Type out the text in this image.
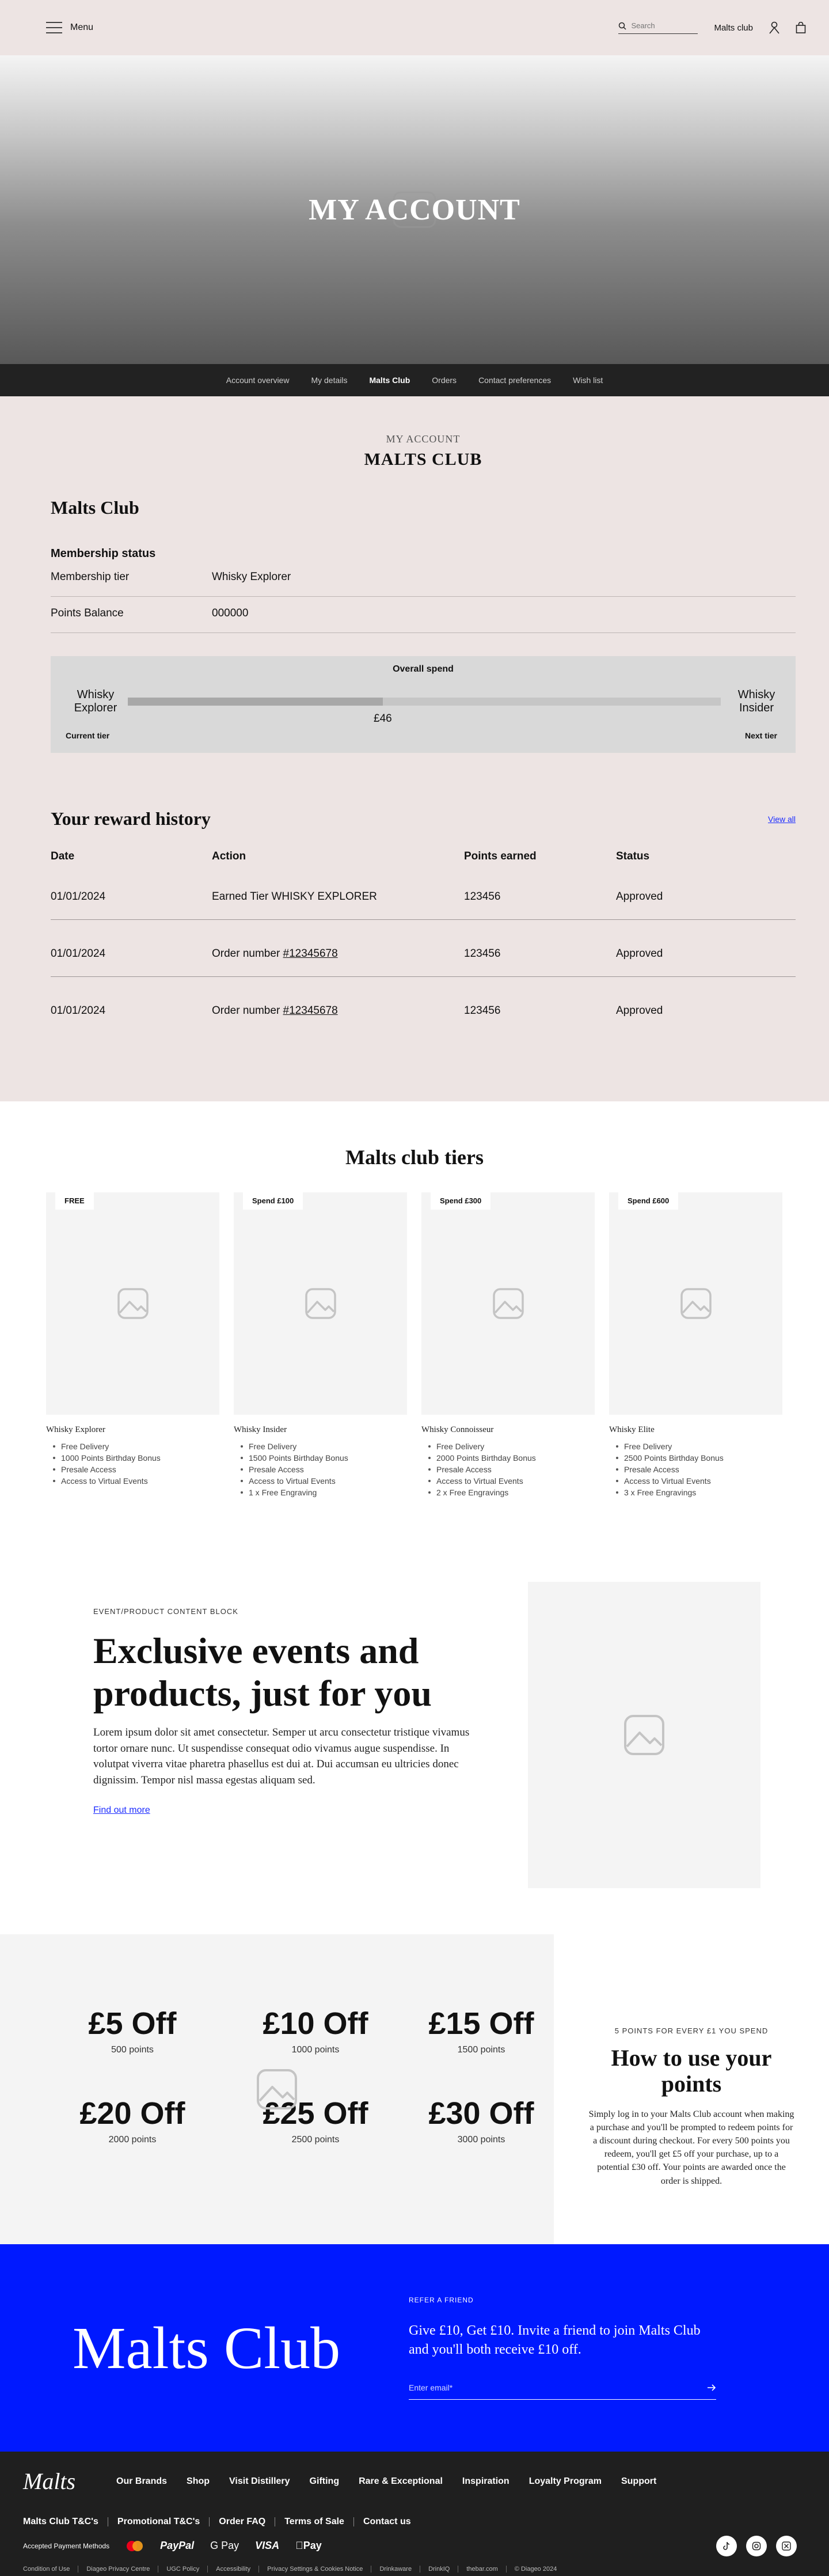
Menu
Search	Malts club
MY ACCOUNT
Account overview	My details	Malts Club	Orders	Contact preferences	Wish list
MY ACCOUNT
MALTS CLUB
Malts Club
Membership status
Membership tier	Whisky Explorer
Points Balance	000000
Overall spend
Whisky Explorer
Whisky Insider
£46
Current tier	Next tier
Your reward history	View all
Date	Action	Points earned	Status
01/01/2024	Earned Tier WHISKY EXPLORER	123456	Approved
01/01/2024	Order number #12345678	123456	Approved
01/01/2024	Order number #12345678	123456	Approved
Malts club tiers
FREE
Whisky Explorer
Free Delivery
1000 Points Birthday Bonus
Presale Access
Access to Virtual Events
Spend £100
Whisky Insider
Free Delivery
1500 Points Birthday Bonus
Presale Access
Access to Virtual Events
1 x Free Engraving
Spend £300
Whisky Connoisseur
Free Delivery
2000 Points Birthday Bonus
Presale Access
Access to Virtual Events
2 x Free Engravings
Spend £600
Whisky Elite
Free Delivery
2500 Points Birthday Bonus
Presale Access
Access to Virtual Events
3 x Free Engravings
EVENT/PRODUCT CONTENT BLOCK
Exclusive events and products, just for you

Lorem ipsum dolor sit amet consectetur. Semper ut arcu consectetur tristique vivamus tortor ornare nunc. Ut suspendisse consequat odio vivamus augue suspendisse. In volutpat viverra vitae pharetra phasellus est dui at. Dui accumsan eu ultricies donec dignissim. Tempor nisl massa egestas aliquam sed.

Find out more
£5 Off
500 points
£10 Off
1000 points
£15 Off
1500 points
£20 Off
2000 points
£25 Off
2500 points
£30 Off
3000 points
5 POINTS FOR EVERY £1 YOU SPEND
How to use your points

Simply log in to your Malts Club account when making a purchase and you'll be prompted to redeem points for a discount during checkout. For every 500 points you redeem, you'll get £5 off your purchase, up to a potential £30 off. Your points are awarded once the order is shipped.

Malts Club
REFER A FRIEND

Give £10, Get £10. Invite a friend to join Malts Club and you'll both receive £10 off.

Enter email*
Malts	Our Brands Shop Visit Distillery Gifting Rare & Exceptional Inspiration Loyalty Program Support
Malts Club T&C's Promotional T&C's Order FAQ Terms of Sale Contact us
Accepted Payment Methods	PayPal G Pay VISA Pay
Condition of Use	Diageo Privacy Centre	UGC Policy	Accessibility	Privacy Settings & Cookies Notice	Drinkaware	DrinkIQ	thebar.com	© Diageo 2024
